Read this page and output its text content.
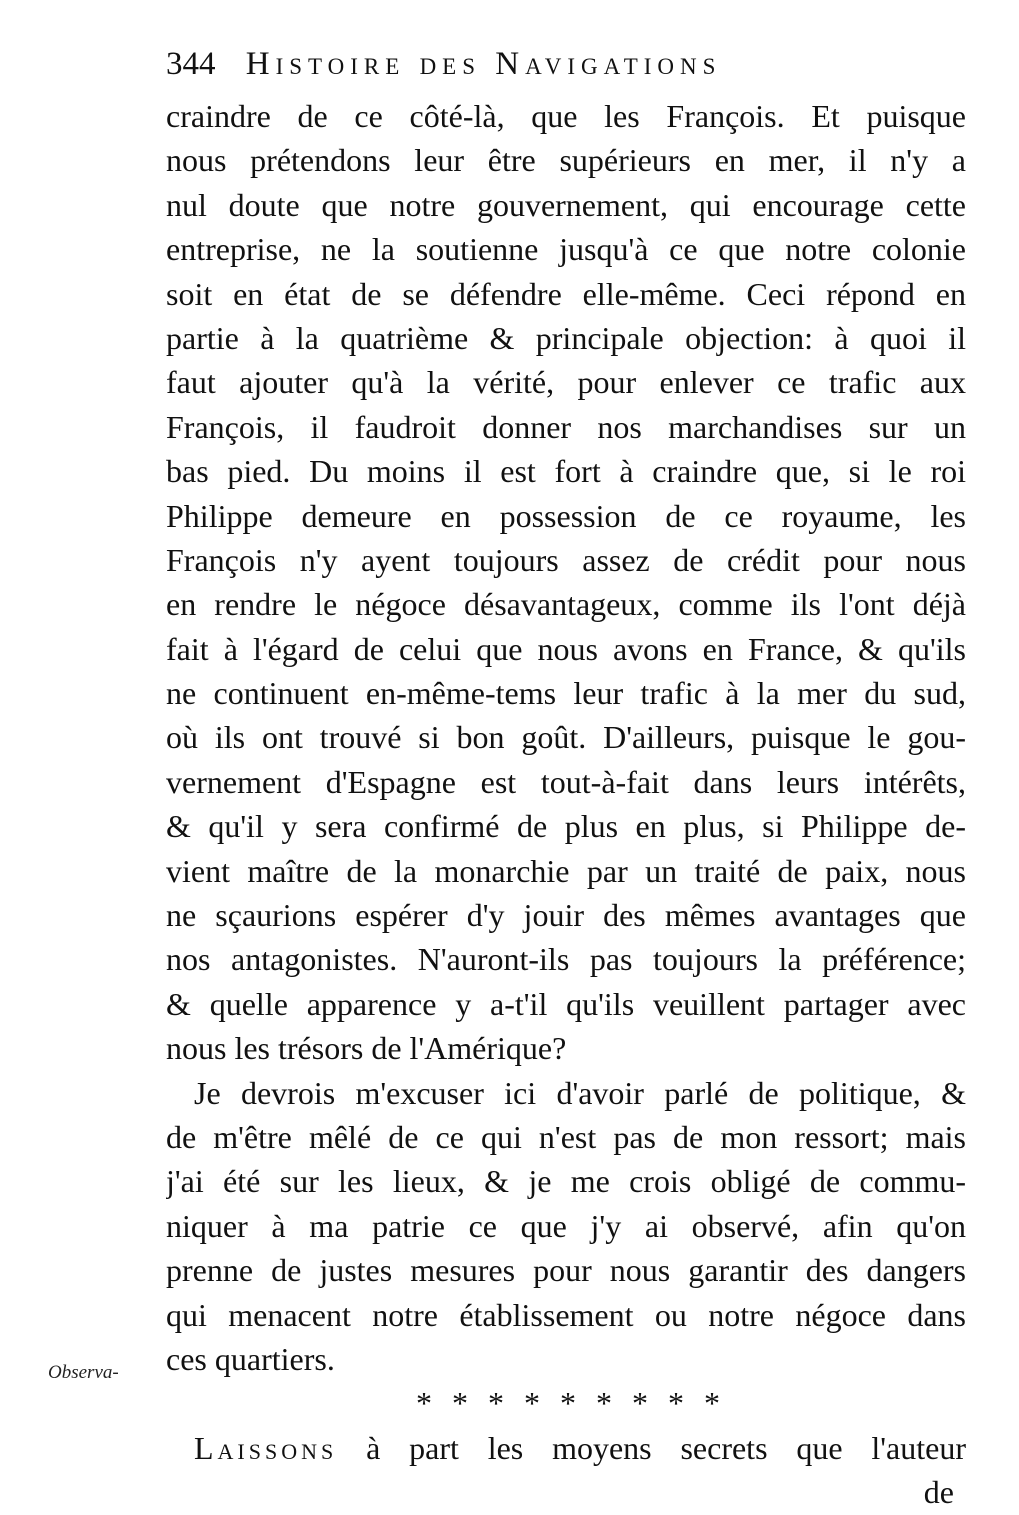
344 Histoire des Navigations
craindre de ce côté-là, que les François. Et puisque
nous prétendons leur être supérieurs en mer, il n'y a
nul doute que notre gouvernement, qui encourage cette
entreprise, ne la soutienne jusqu'à ce que notre colonie
soit en état de se défendre elle-même. Ceci répond en
partie à la quatrième & principale objection: à quoi il
faut ajouter qu'à la vérité, pour enlever ce trafic aux
François, il faudroit donner nos marchandises sur un
bas pied. Du moins il est fort à craindre que, si le roi
Philippe demeure en possession de ce royaume, les
François n'y ayent toujours assez de crédit pour nous
en rendre le négoce désavantageux, comme ils l'ont déjà
fait à l'égard de celui que nous avons en France, & qu'ils
ne continuent en-même-tems leur trafic à la mer du sud,
où ils ont trouvé si bon goût. D'ailleurs, puisque le gou-
vernement d'Espagne est tout-à-fait dans leurs intérêts,
& qu'il y sera confirmé de plus en plus, si Philippe de-
vient maître de la monarchie par un traité de paix, nous
ne sçaurions espérer d'y jouir des mêmes avantages que
nos antagonistes. N'auront-ils pas toujours la préférence;
& quelle apparence y a-t'il qu'ils veuillent partager avec
nous les trésors de l'Amérique?
Je devrois m'excuser ici d'avoir parlé de politique, &
de m'être mêlé de ce qui n'est pas de mon ressort; mais
j'ai été sur les lieux, & je me crois obligé de commu-
niquer à ma patrie ce que j'y ai observé, afin qu'on
prenne de justes mesures pour nous garantir des dangers
qui menacent notre établissement ou notre négoce dans
ces quartiers.
* * * * * * * * *
Laissons à part les moyens secrets que l'auteur
de
Observa-
